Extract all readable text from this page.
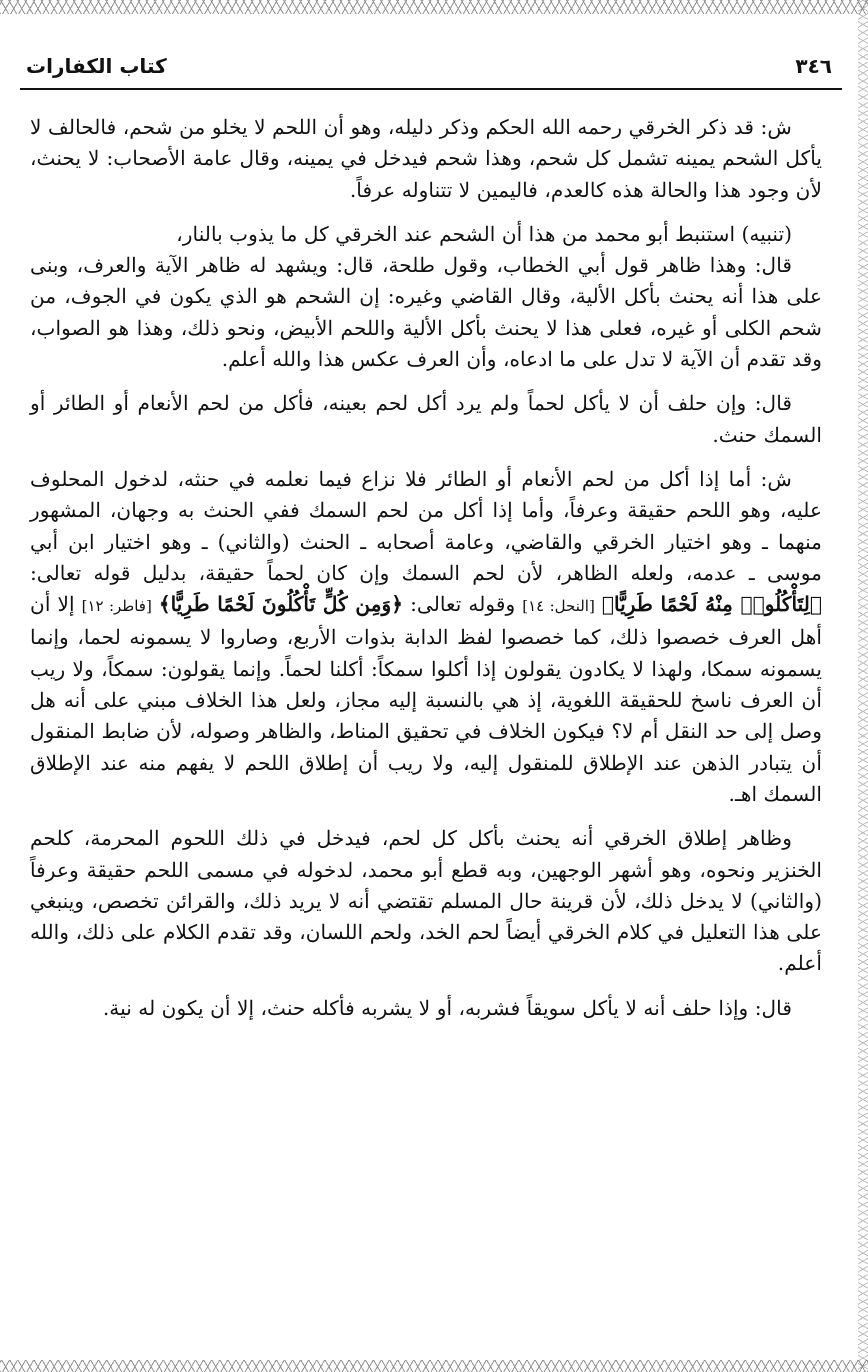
كتاب الكفارات	٣٤٦

ش: قد ذكر الخرقي رحمه الله الحكم وذكر دليله، وهو أن اللحم لا يخلو من شحم، فالحالف لا يأكل الشحم يمينه تشمل كل شحم، وهذا شحم فيدخل في يمينه، وقال عامة الأصحاب: لا يحنث، لأن وجود هذا والحالة هذه كالعدم، فاليمين لا تتناوله عرفاً.

(تنبيه) استنبط أبو محمد من هذا أن الشحم عند الخرقي كل ما يذوب بالنار،

قال: وهذا ظاهر قول أبي الخطاب، وقول طلحة، قال: ويشهد له ظاهر الآية والعرف، وبنى على هذا أنه يحنث بأكل الألية، وقال القاضي وغيره: إن الشحم هو الذي يكون في الجوف، من شحم الكلى أو غيره، فعلى هذا لا يحنث بأكل الألية واللحم الأبيض، ونحو ذلك، وهذا هو الصواب، وقد تقدم أن الآية لا تدل على ما ادعاه، وأن العرف عكس هذا والله أعلم.

قال: وإن حلف أن لا يأكل لحماً ولم يرد أكل لحم بعينه، فأكل من لحم الأنعام أو الطائر أو السمك حنث.

ش: أما إذا أكل من لحم الأنعام أو الطائر فلا نزاع فيما نعلمه في حنثه، لدخول المحلوف عليه، وهو اللحم حقيقة وعرفاً، وأما إذا أكل من لحم السمك ففي الحنث به وجهان، المشهور منهما ـ وهو اختيار الخرقي والقاضي، وعامة أصحابه ـ الحنث (والثاني) ـ وهو اختيار ابن أبي موسى ـ عدمه، ولعله الظاهر، لأن لحم السمك وإن كان لحماً حقيقة، بدليل قوله تعالى: ﴿لِتَأْكُلُوا۟ مِنْهُ لَحْمًا طَرِيًّا﴾ [النحل: ١٤] وقوله تعالى: ﴿وَمِن كُلٍّ تَأْكُلُونَ لَحْمًا طَرِيًّا﴾ [فاطر: ١٢] إلا أن أهل العرف خصصوا ذلك، كما خصصوا لفظ الدابة بذوات الأربع، وصاروا لا يسمونه لحما، وإنما يسمونه سمكا، ولهذا لا يكادون يقولون إذا أكلوا سمكاً: أكلنا لحماً. وإنما يقولون: سمكاً، ولا ريب أن العرف ناسخ للحقيقة اللغوية، إذ هي بالنسبة إليه مجاز، ولعل هذا الخلاف مبني على أنه هل وصل إلى حد النقل أم لا؟ فيكون الخلاف في تحقيق المناط، والظاهر وصوله، لأن ضابط المنقول أن يتبادر الذهن عند الإطلاق للمنقول إليه، ولا ريب أن إطلاق اللحم لا يفهم منه عند الإطلاق السمك اهـ.

وظاهر إطلاق الخرقي أنه يحنث بأكل كل لحم، فيدخل في ذلك اللحوم المحرمة، كلحم الخنزير ونحوه، وهو أشهر الوجهين، وبه قطع أبو محمد، لدخوله في مسمى اللحم حقيقة وعرفاً (والثاني) لا يدخل ذلك، لأن قرينة حال المسلم تقتضي أنه لا يريد ذلك، والقرائن تخصص، وينبغي على هذا التعليل في كلام الخرقي أيضاً لحم الخد، ولحم اللسان، وقد تقدم الكلام على ذلك، والله أعلم.

قال: وإذا حلف أنه لا يأكل سويقاً فشربه، أو لا يشربه فأكله حنث، إلا أن يكون له نية.
